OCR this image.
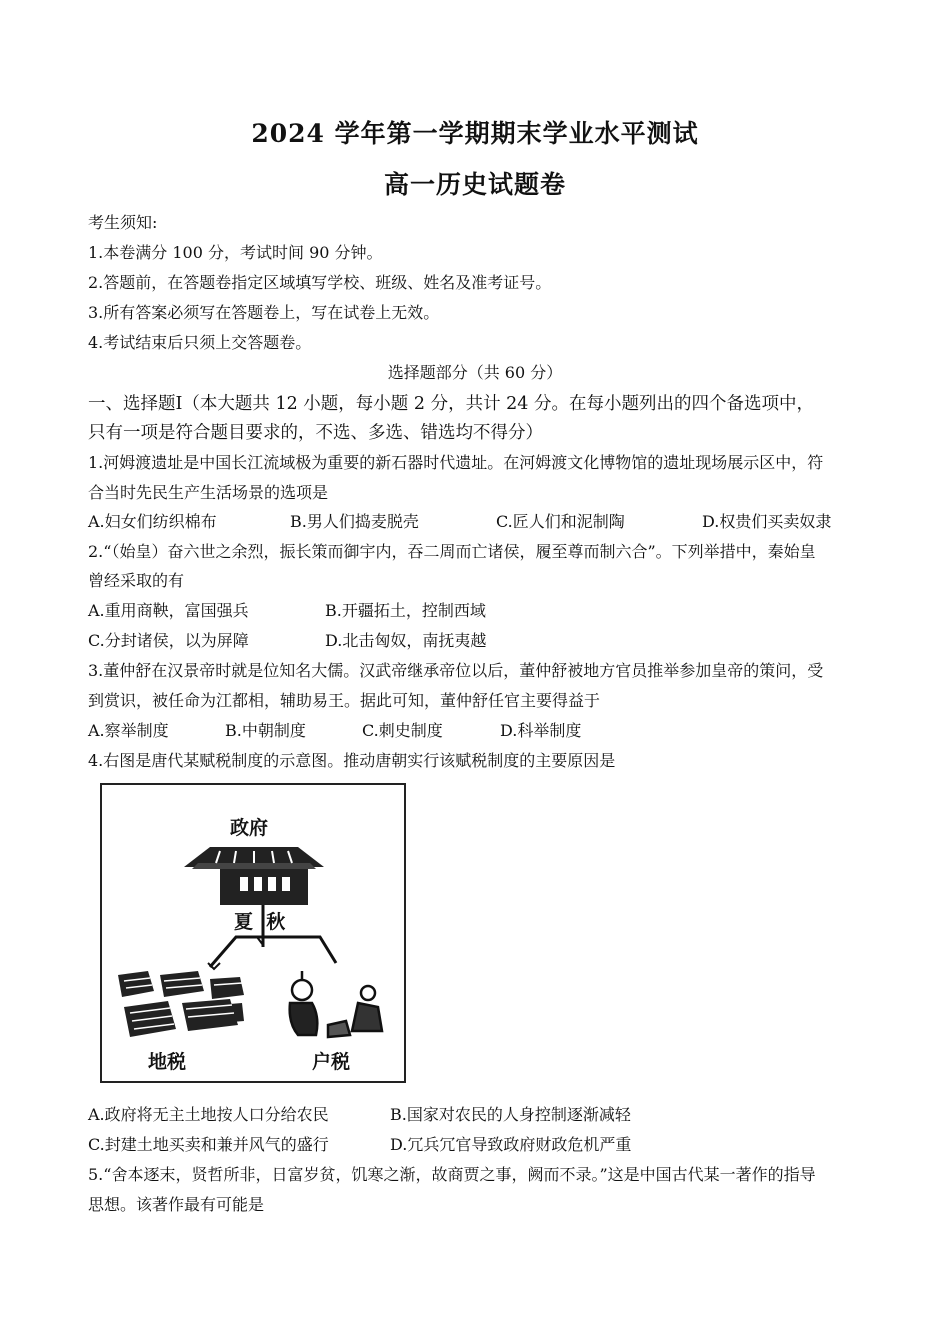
2024 学年第一学期期末学业水平测试
高一历史试题卷
考生须知:
1.本卷满分 100 分，考试时间 90 分钟。
2.答题前，在答题卷指定区域填写学校、班级、姓名及准考证号。
3.所有答案必须写在答题卷上，写在试卷上无效。
4.考试结束后只须上交答题卷。
选择题部分（共 60 分）
一、选择题Ⅰ（本大题共 12 小题，每小题 2 分，共计 24 分。在每小题列出的四个备选项中，
只有一项是符合题目要求的，不选、多选、错选均不得分）
1.河姆渡遗址是中国长江流域极为重要的新石器时代遗址。在河姆渡文化博物馆的遗址现场展示区中，符
合当时先民生产生活场景的选项是
A.妇女们纺织棉布	B.男人们捣麦脱壳	C.匠人们和泥制陶	D.权贵们买卖奴隶
2.“（始皇）奋六世之余烈，振长策而御宇内，吞二周而亡诸侯，履至尊而制六合”。下列举措中，秦始皇
曾经采取的有
A.重用商鞅，富国强兵	B.开疆拓土，控制西域
C.分封诸侯，以为屏障	D.北击匈奴，南抚夷越
3.董仲舒在汉景帝时就是位知名大儒。汉武帝继承帝位以后，董仲舒被地方官员推举参加皇帝的策问，受
到赏识，被任命为江都相，辅助易王。据此可知，董仲舒任官主要得益于
A.察举制度	B.中朝制度	C.刺史制度	D.科举制度
4.右图是唐代某赋税制度的示意图。推动唐朝实行该赋税制度的主要原因是
政府
夏  秋
地税	户税
A.政府将无主土地按人口分给农民	B.国家对农民的人身控制逐渐减轻
C.封建土地买卖和兼并风气的盛行	D.冗兵冗官导致政府财政危机严重
5.“舍本逐末，贤哲所非，日富岁贫，饥寒之渐，故商贾之事，阙而不录。”这是中国古代某一著作的指导
思想。该著作最有可能是
